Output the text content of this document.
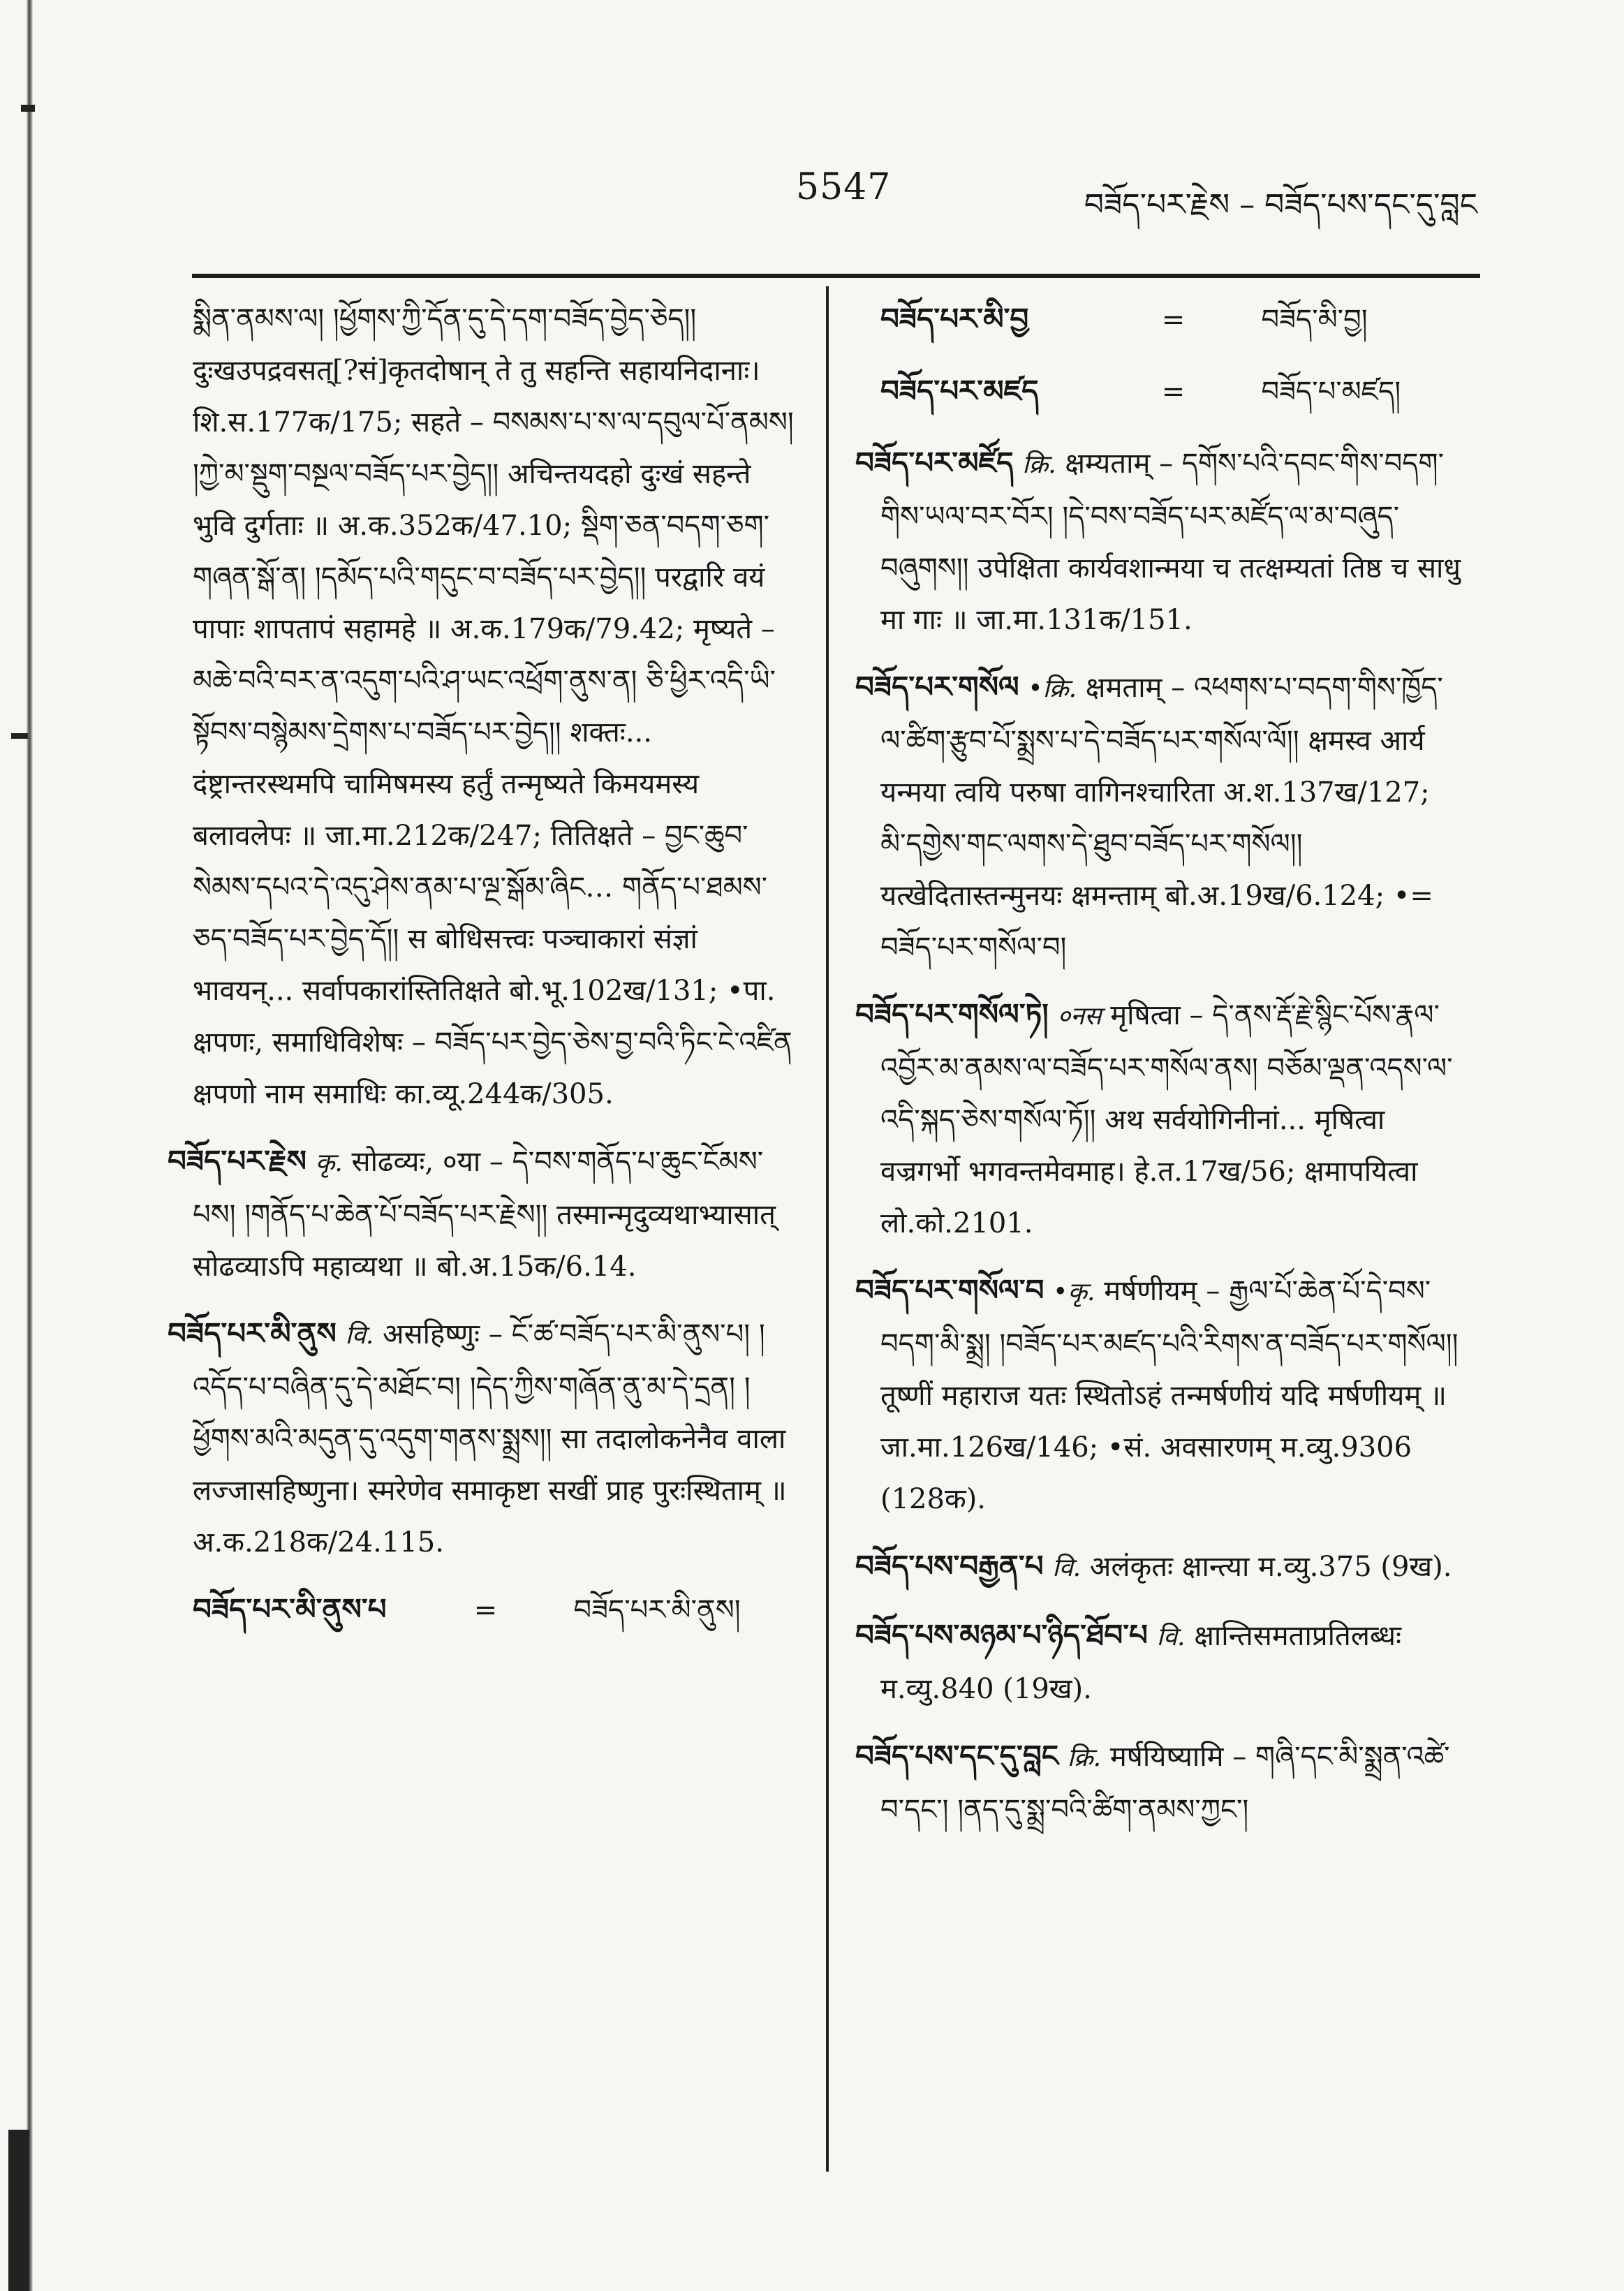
5547	བཟོད་པར་རྗེས – བཟོད་པས་དང་དུ་བླང

སྨིན་ནམས་ལ། །ཕྱོགས་ཀྱི་དོན་དུ་དེ་དག་བཟོད་བྱེད་ཅེད།། दुःखउपद्रवसत्[?सं]कृतदोषान् ते तु सहन्ति सहायनिदानाः। शि.स.177क/175; सहते – བསམས་པ་ས་ལ་དབུལ་པོ་ནམས། །ཀྱེ་མ་སྡུག་བསྔལ་བཟོད་པར་བྱེད།། अचिन्तयदहो दुःखं सहन्ते भुवि दुर्गताः ॥ अ.क.352क/47.10; སྡིག་ཅན་བདག་ཅག་གཞན་སྒོ་ན། །དམོད་པའི་གདུང་བ་བཟོད་པར་བྱེད།། परद्वारि वयं पापाः शापतापं सहामहे ॥ अ.क.179क/79.42; मृष्यते – མཆེ་བའི་བར་ན་འདུག་པའི་ཤ་ཡང་འཕྲོག་ནུས་ན། ཅི་ཕྱིར་འདི་ཡི་སྟོབས་བསྙེམས་དྲེགས་པ་བཟོད་པར་བྱེད།། शक्तः... दंष्ट्रान्तरस्थमपि चामिषमस्य हर्तुं तन्मृष्यते किमयमस्य बलावलेपः ॥ जा.मा.212क/247; तितिक्षते – བྱང་ཆུབ་སེམས་དཔའ་དེ་འདུ་ཤེས་ནམ་པ་ལྔ་སྒོམ་ཞིང… གནོད་པ་ཐམས་ཅད་བཟོད་པར་བྱེད་དོ།། स बोधिसत्त्वः पञ्चाकारां संज्ञां भावयन्... सर्वापकारांस्तितिक्षते बो.भू.102ख/131; •पा. क्षपणः, समाधिविशेषः – བཟོད་པར་བྱེད་ཅེས་བྱ་བའི་ཏིང་ངེ་འཛིན क्षपणो नाम समाधिः का.व्यू.244क/305.

བཟོད་པར་རྗེས कृ. सोढव्यः, ०या – དེ་བས་གནོད་པ་ཆུང་ངོམས་པས། །གནོད་པ་ཆེན་པོ་བཟོད་པར་རྗེས།། तस्मान्मृदुव्यथाभ्यासात् सोढव्याऽपि महाव्यथा ॥ बो.अ.15क/6.14.

བཟོད་པར་མི་ནུས वि. असहिष्णुः – ངོ་ཚ་བཟོད་པར་མི་ནུས་པ། །འདོད་པ་བཞིན་དུ་དེ་མཐོང་བ། །དེད་ཀྱིས་གཞོན་ནུ་མ་དེ་དྲན། །ཕྱོགས་མའི་མདུན་དུ་འདུག་གནས་སྨྲས།། सा तदालोकनेनैव वाला लज्जासहिष्णुना। स्मरेणेव समाकृष्टा सखीं प्राह पुरःस्थिताम् ॥ अ.क.218क/24.115.

བཟོད་པར་མི་ནུས་པ	=	བཟོད་པར་མི་ནུས།
བཟོད་པར་མི་བྱ	=	བཟོད་མི་བྱ།
བཟོད་པར་མཛད	=	བཟོད་པ་མཛད།

བཟོད་པར་མཛོད क्रि. क्षम्यताम् – དགོས་པའི་དབང་གིས་བདག་གིས་ཡལ་བར་བོར། །དེ་བས་བཟོད་པར་མཛོད་ལ་མ་བཞུད་བཞུགས།། उपेक्षिता कार्यवशान्मया च तत्क्षम्यतां तिष्ठ च साधु मा गाः ॥ जा.मा.131क/151.

བཟོད་པར་གསོལ •क्रि. क्षमताम् – འཕགས་པ་བདག་གིས་ཁྱོད་ལ་ཚིག་རྩུབ་པོ་སྨྲས་པ་དེ་བཟོད་པར་གསོལ་ལོ།། क्षमस्व आर्य यन्मया त्वयि परुषा वागिनश्चारिता अ.श.137ख/127; མི་དགྱེས་གང་ལགས་དེ་ཐུབ་བཟོད་པར་གསོལ།། यत्खेदितास्तन्मुनयः क्षमन्ताम् बो.अ.19ख/6.124; •= བཟོད་པར་གསོལ་བ།

བཟོད་པར་གསོལ་ཏེ། ०नस मृषित्वा – དེ་ནས་རྡོ་རྗེ་སྙིང་པོས་རྣལ་འབྱོར་མ་ནམས་ལ་བཟོད་པར་གསོལ་ནས། བཅོམ་ལྡན་འདས་ལ་འདི་སྐད་ཅེས་གསོལ་ཏོ།། अथ सर्वयोगिनीनां... मृषित्वा वज्रगर्भो भगवन्तमेवमाह। हे.त.17ख/56; क्षमापयित्वा लो.को.2101.

བཟོད་པར་གསོལ་བ •कृ. मर्षणीयम् – རྒྱལ་པོ་ཆེན་པོ་དེ་བས་བདག་མི་སྨྲ། །བཟོད་པར་མཛད་པའི་རིགས་ན་བཟོད་པར་གསོལ།། तूष्णीं महाराज यतः स्थितोऽहं तन्मर्षणीयं यदि मर्षणीयम् ॥ जा.मा.126ख/146; •सं. अवसारणम् म.व्यु.9306 (128क).

བཟོད་པས་བརྒྱན་པ वि. अलंकृतः क्षान्त्या म.व्यु.375 (9ख).

བཟོད་པས་མཉམ་པ་ཉིད་ཐོབ་པ वि. क्षान्तिसमताप्रतिलब्धः म.व्यु.840 (19ख).

བཟོད་པས་དང་དུ་བླང क्रि. मर्षयिष्यामि – གཞི་དང་མི་སྨྲན་འཚེ་བ་དང་། །ནད་དུ་སྨྲ་བའི་ཚིག་ནམས་ཀྱང་།
